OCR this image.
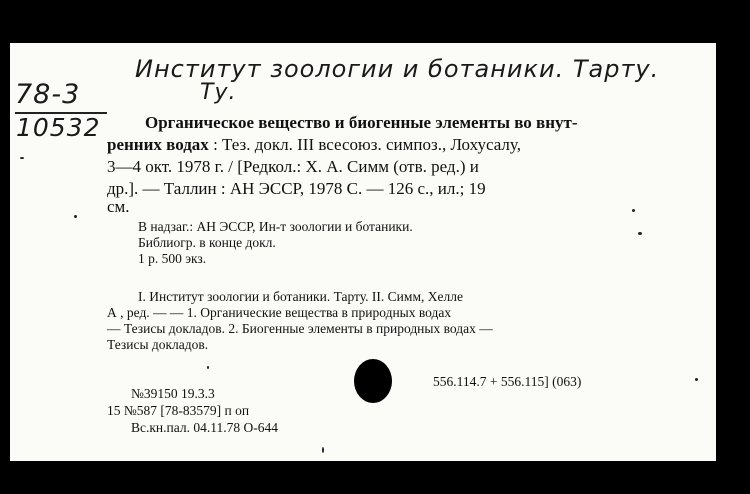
78-3
10532
Институт зоологии и ботаники. Тарту.
Ту.
Органическое вещество и биогенные элементы во внут-
ренних водах : Тез. докл. III всесоюз. симпоз., Лохусалу,
3—4 окт. 1978 г. / [Редкол.: Х. А. Симм (отв. ред.) и
др.]. — Таллин : АН ЭССР, 1978 С. — 126 с., ил.; 19
см.
В надзаг.: АН ЭССР, Ин-т зоологии и ботаники.
Библиогр. в конце докл.
1 р. 500 экз.
I. Институт зоологии и ботаники. Тарту. II. Симм, Хелле
А , ред. — — 1. Органические вещества в природных водах
— Тезисы докладов. 2. Биогенные элементы в природных водах —
Тезисы докладов.
№39150 19.3.3
556.114.7 + 556.115] (063)
15 №587 [78-83579] п оп
Вс.кн.пал. 04.11.78 О-644
